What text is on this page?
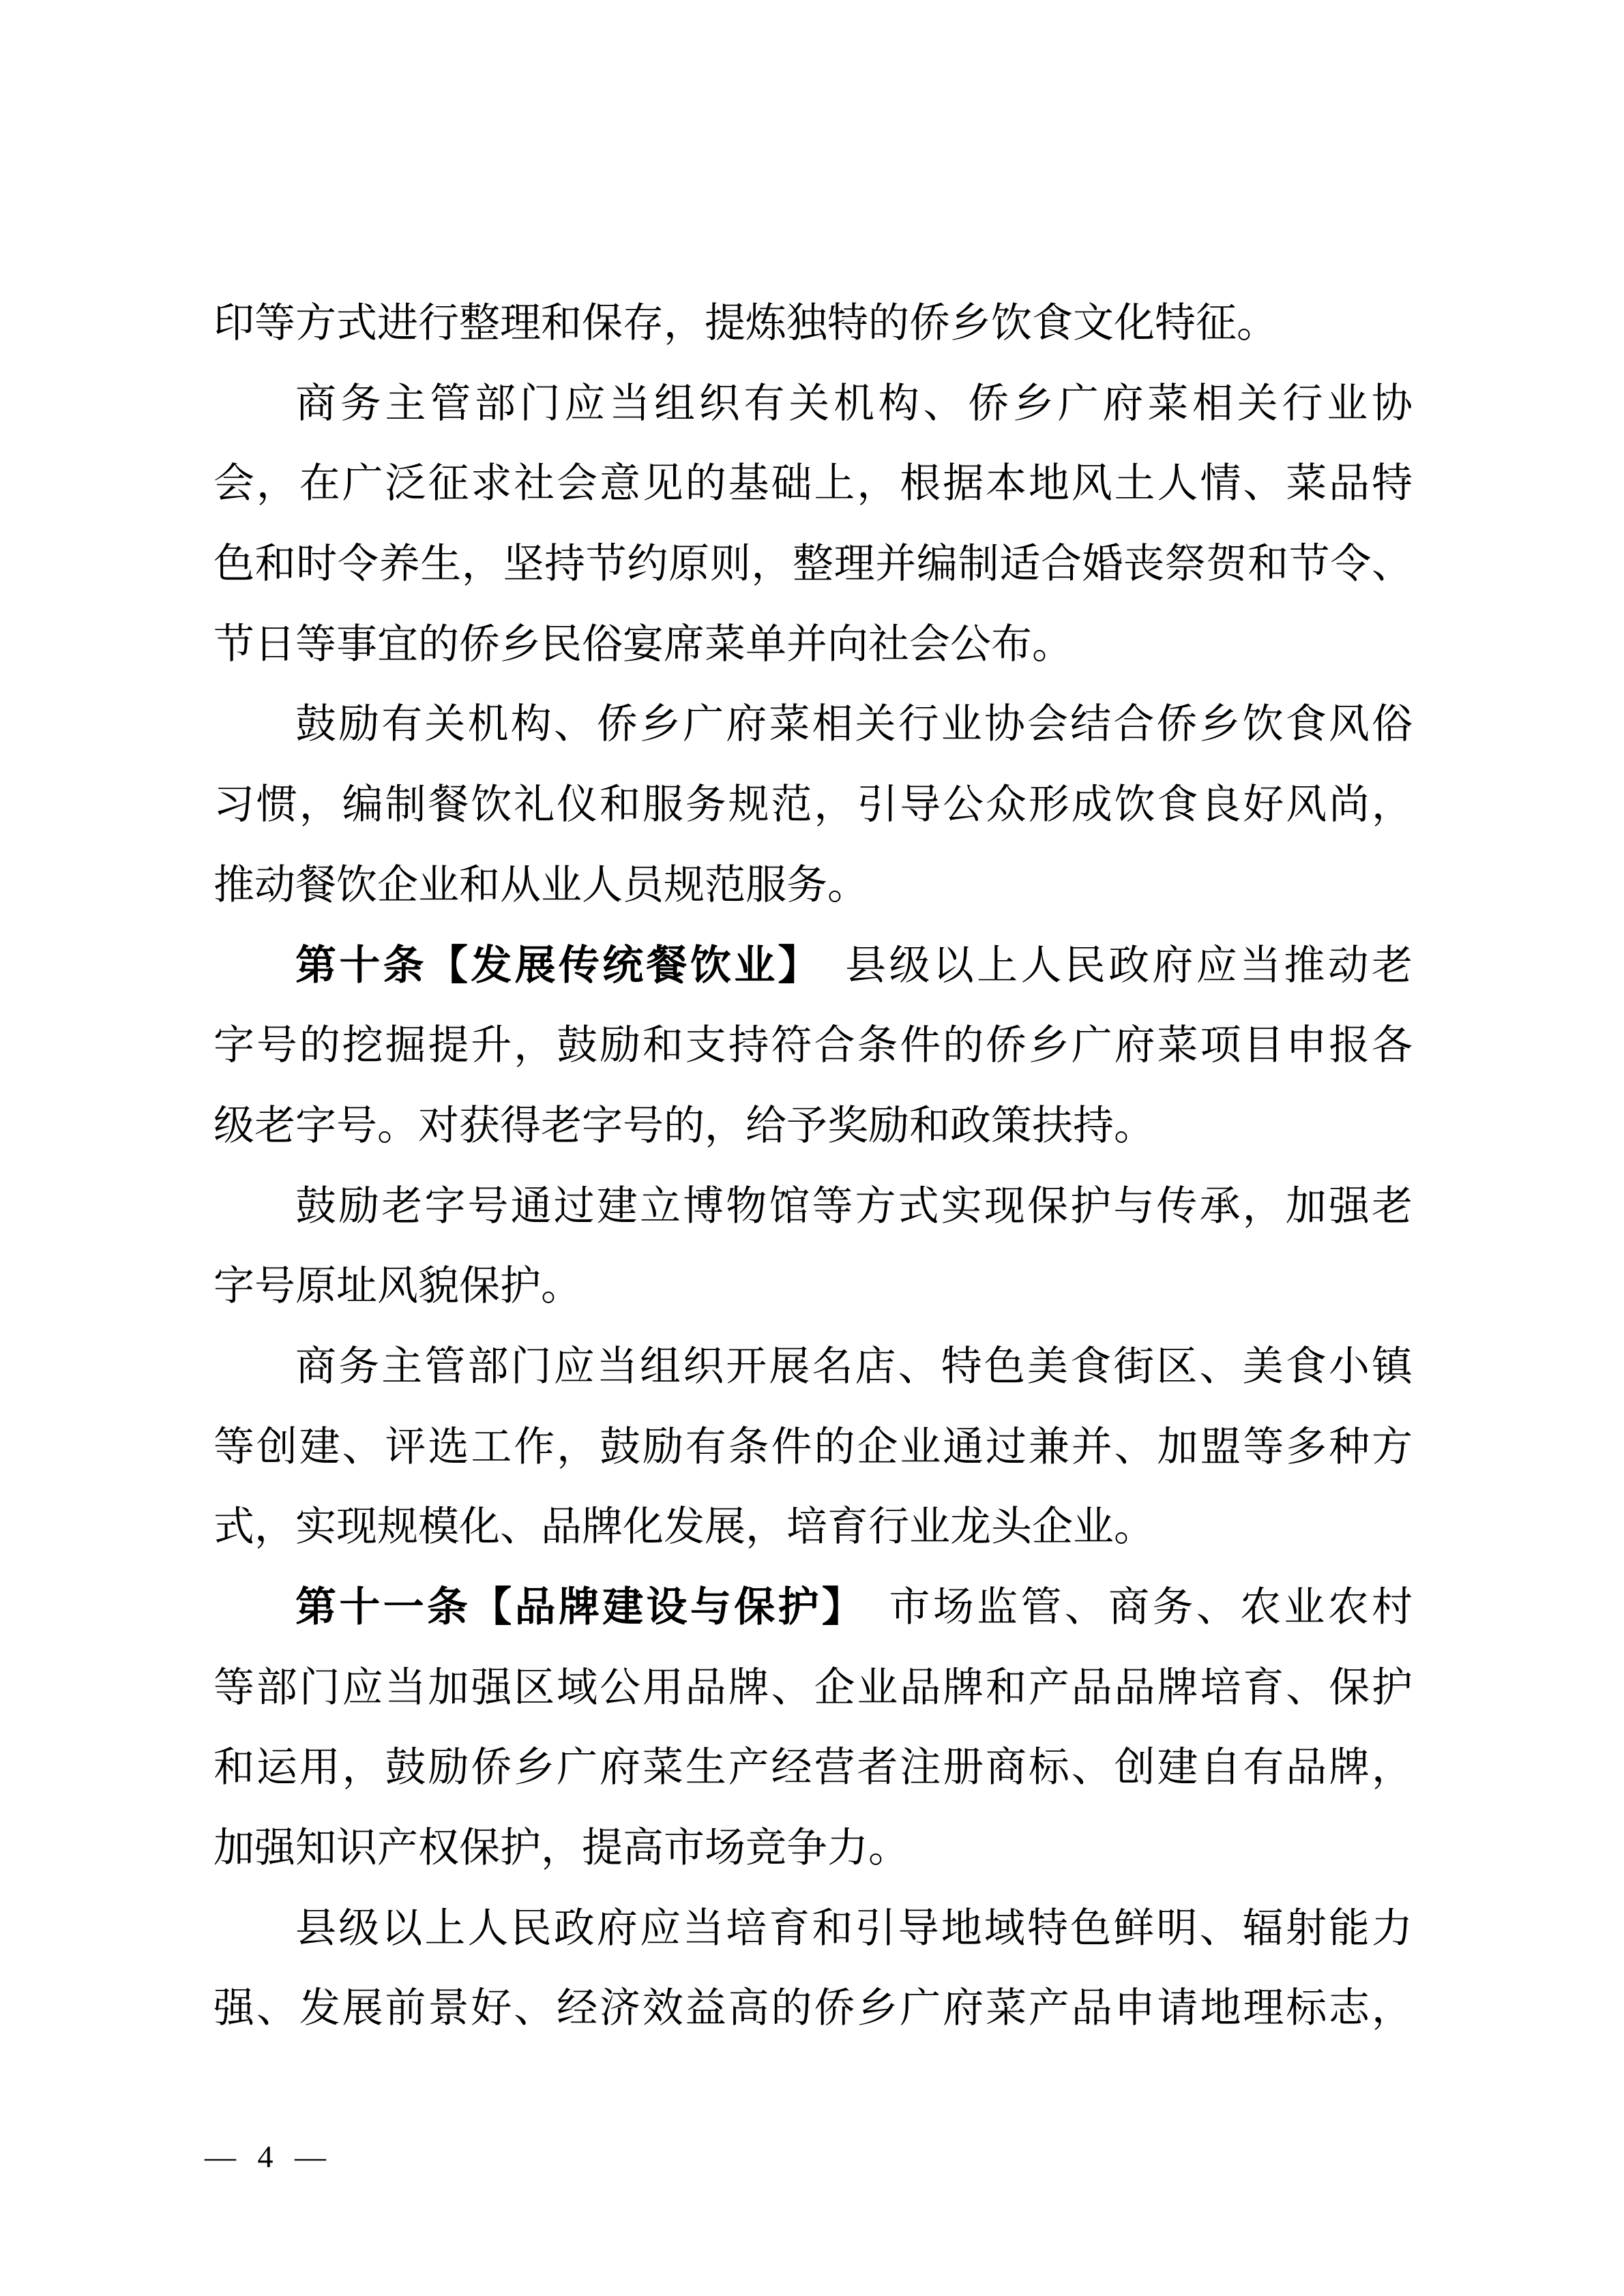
印等方式进行整理和保存，提炼独特的侨乡饮食文化特征。
商务主管部门应当组织有关机构、侨乡广府菜相关行业协
会，在广泛征求社会意见的基础上，根据本地风土人情、菜品特
色和时令养生，坚持节约原则，整理并编制适合婚丧祭贺和节令、
节日等事宜的侨乡民俗宴席菜单并向社会公布。
鼓励有关机构、侨乡广府菜相关行业协会结合侨乡饮食风俗
习惯，编制餐饮礼仪和服务规范，引导公众形成饮食良好风尚，
推动餐饮企业和从业人员规范服务。
第十条【发展传统餐饮业】　县级以上人民政府应当推动老
字号的挖掘提升，鼓励和支持符合条件的侨乡广府菜项目申报各
级老字号。对获得老字号的，给予奖励和政策扶持。
鼓励老字号通过建立博物馆等方式实现保护与传承，加强老
字号原址风貌保护。
商务主管部门应当组织开展名店、特色美食街区、美食小镇
等创建、评选工作，鼓励有条件的企业通过兼并、加盟等多种方
式，实现规模化、品牌化发展，培育行业龙头企业。
第十一条【品牌建设与保护】　市场监管、商务、农业农村
等部门应当加强区域公用品牌、企业品牌和产品品牌培育、保护
和运用，鼓励侨乡广府菜生产经营者注册商标、创建自有品牌，
加强知识产权保护，提高市场竞争力。
县级以上人民政府应当培育和引导地域特色鲜明、辐射能力
强、发展前景好、经济效益高的侨乡广府菜产品申请地理标志，
— 4 —
